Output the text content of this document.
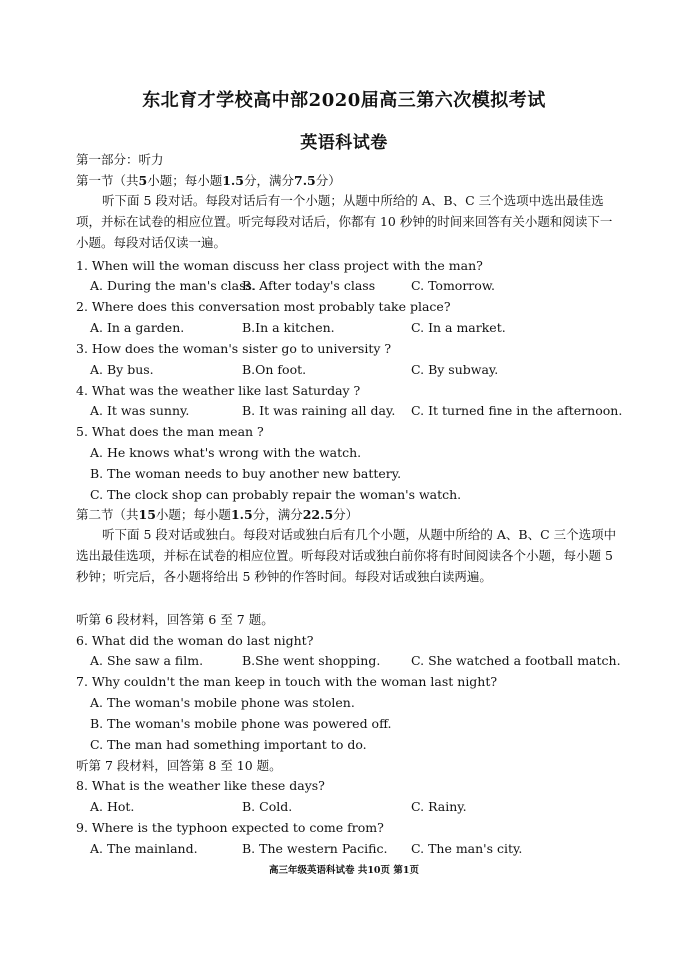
东北育才学校高中部2020届高三第六次模拟考试
英语科试卷
第一部分：听力
第一节（共5小题；每小题1.5分，满分7.5分）
听下面 5 段对话。每段对话后有一个小题；从题中所给的 A、B、C 三个选项中选出最佳选项，并标在试卷的相应位置。听完每段对话后，你都有 10 秒钟的时间来回答有关小题和阅读下一小题。每段对话仅读一遍。
1. When will the woman discuss her class project with the man?
A. During the man's class.
B. After today's class	C. Tomorrow.
2. Where does this conversation most probably take place?
A. In a garden.	B.In a kitchen.	C. In a market.
3. How does the woman's sister go to university ?
A. By bus.	B.On foot.	C. By subway.
4. What was the weather like last Saturday ?
A. It was sunny.	B. It was raining all day. C. It turned fine in the afternoon.
5. What does the man mean ?
A. He knows what's wrong with the watch.
B. The woman needs to buy another new battery.
C. The clock shop can probably repair the woman's watch.
第二节（共15小题；每小题1.5分，满分22.5分）
听下面 5 段对话或独白。每段对话或独白后有几个小题，从题中所给的 A、B、C 三个选项中选出最佳选项，并标在试卷的相应位置。听每段对话或独白前你将有时间阅读各个小题，每小题 5 秒钟；听完后，各小题将给出 5 秒钟的作答时间。每段对话或独白读两遍。
听第 6 段材料，回答第 6 至 7 题。
6. What did the woman do last night?
A. She saw a film.	B.She went shopping. C. She watched a football match.
7. Why couldn't the man keep in touch with the woman last night?
A. The woman's mobile phone was stolen.
B. The woman's mobile phone was powered off.
C. The man had something important to do.
听第 7 段材料，回答第 8 至 10 题。
8. What is the weather like these days?
A. Hot.	B. Cold.	C. Rainy.
9. Where is the typhoon expected to come from?
A. The mainland.	B. The western Pacific. C. The man's city.
高三年级英语科试卷 共10页 第1页
